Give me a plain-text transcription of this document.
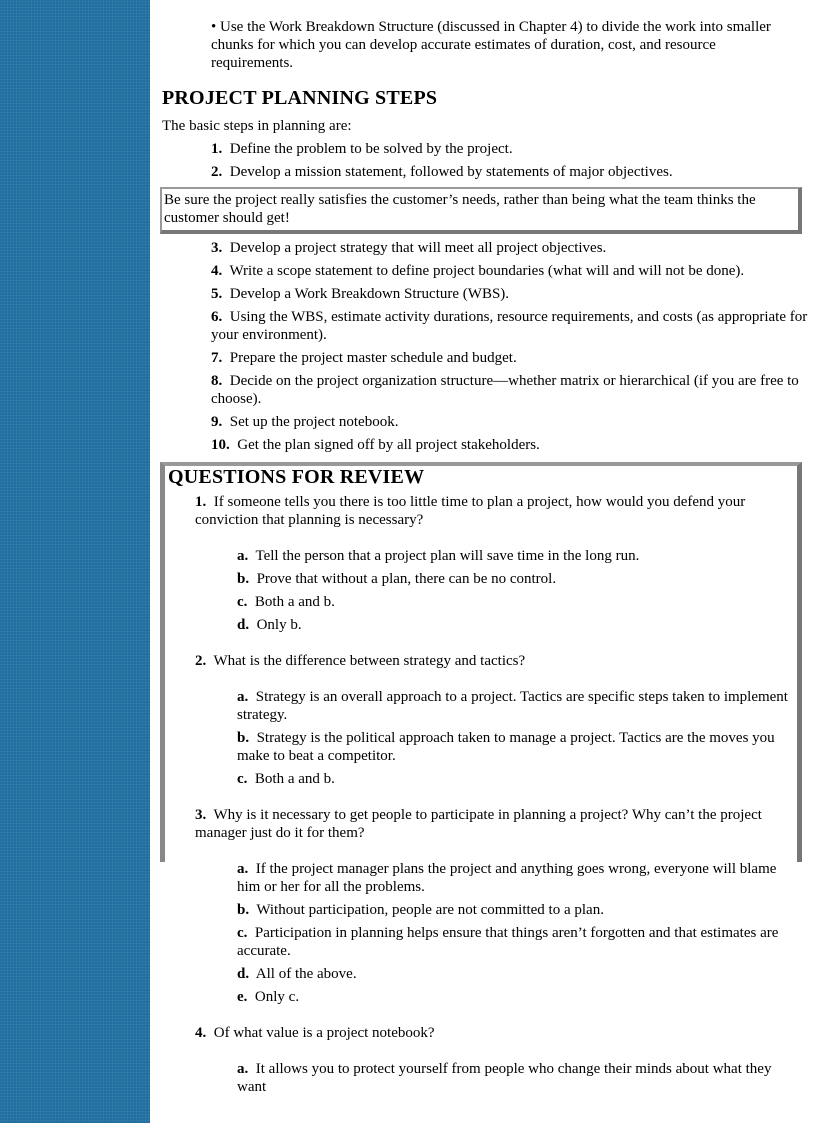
• Use the Work Breakdown Structure (discussed in Chapter 4) to divide the work into smaller chunks for which you can develop accurate estimates of duration, cost, and resource requirements.
PROJECT PLANNING STEPS
The basic steps in planning are:
1. Define the problem to be solved by the project.
2. Develop a mission statement, followed by statements of major objectives.
Be sure the project really satisfies the customer’s needs, rather than being what the team thinks the customer should get!
3. Develop a project strategy that will meet all project objectives.
4. Write a scope statement to define project boundaries (what will and will not be done).
5. Develop a Work Breakdown Structure (WBS).
6. Using the WBS, estimate activity durations, resource requirements, and costs (as appropriate for your environment).
7. Prepare the project master schedule and budget.
8. Decide on the project organization structure—whether matrix or hierarchical (if you are free to choose).
9. Set up the project notebook.
10. Get the plan signed off by all project stakeholders.
QUESTIONS FOR REVIEW
1. If someone tells you there is too little time to plan a project, how would you defend your conviction that planning is necessary?
a. Tell the person that a project plan will save time in the long run.
b. Prove that without a plan, there can be no control.
c. Both a and b.
d. Only b.
2. What is the difference between strategy and tactics?
a. Strategy is an overall approach to a project. Tactics are specific steps taken to implement strategy.
b. Strategy is the political approach taken to manage a project. Tactics are the moves you make to beat a competitor.
c. Both a and b.
3. Why is it necessary to get people to participate in planning a project? Why can’t the project manager just do it for them?
a. If the project manager plans the project and anything goes wrong, everyone will blame him or her for all the problems.
b. Without participation, people are not committed to a plan.
c. Participation in planning helps ensure that things aren’t forgotten and that estimates are accurate.
d. All of the above.
e. Only c.
4. Of what value is a project notebook?
a. It allows you to protect yourself from people who change their minds about what they want
